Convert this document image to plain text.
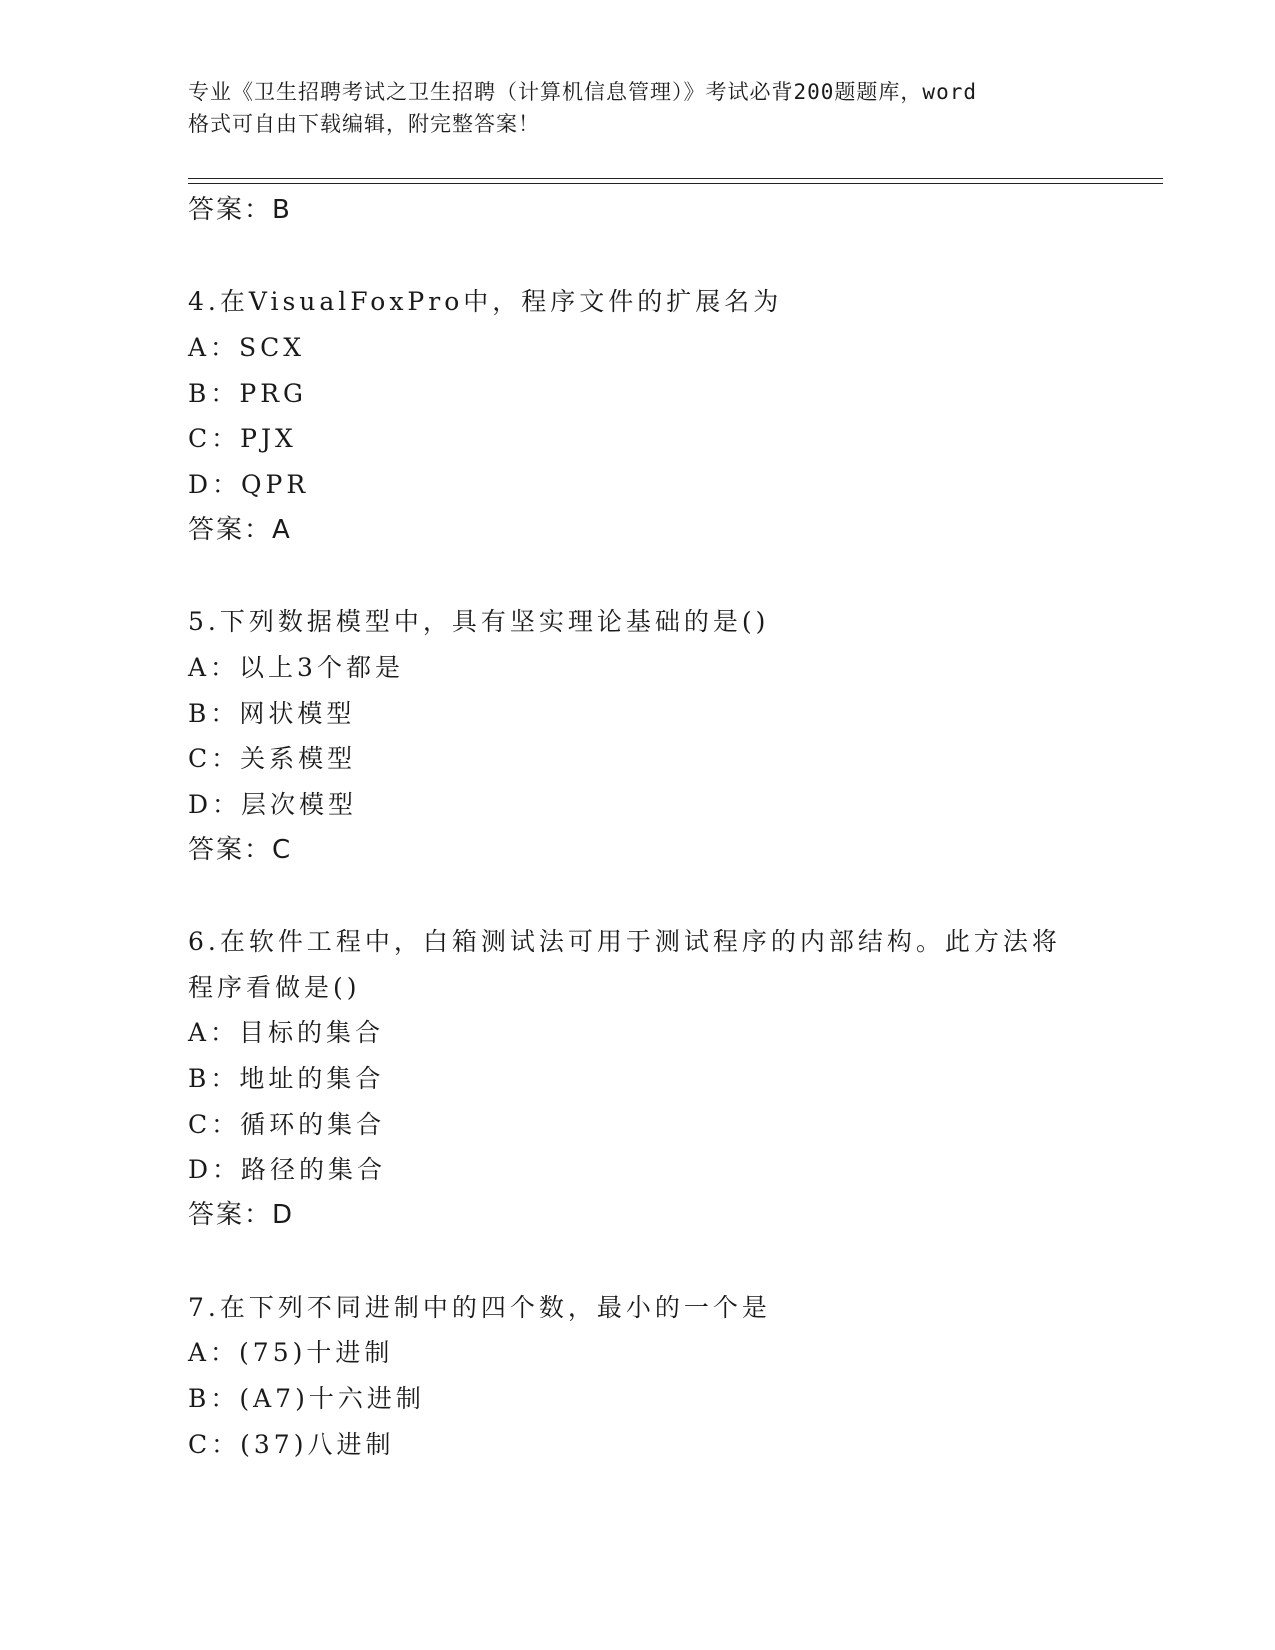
专业《卫生招聘考试之卫生招聘（计算机信息管理）》考试必背200题题库，word
格式可自由下载编辑，附完整答案！
答案：B
4.在VisualFoxPro中，程序文件的扩展名为
A：SCX
B：PRG
C：PJX
D：QPR
答案：A
5.下列数据模型中，具有坚实理论基础的是()
A：以上3个都是
B：网状模型
C：关系模型
D：层次模型
答案：C
6.在软件工程中，白箱测试法可用于测试程序的内部结构。此方法将
程序看做是()
A：目标的集合
B：地址的集合
C：循环的集合
D：路径的集合
答案：D
7.在下列不同进制中的四个数，最小的一个是
A：(75)十进制
B：(A7)十六进制
C：(37)八进制
